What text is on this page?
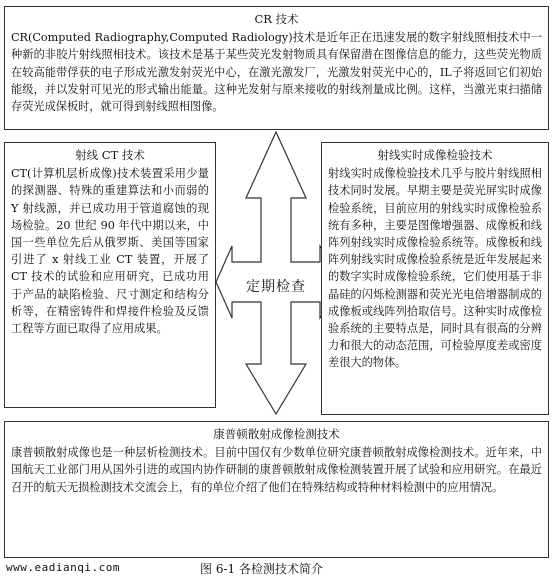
CR 技术

CR(Computed Radiography,Computed Radiology)技术是近年正在迅速发展的数字射线照相技术中一种新的非胶片射线照相技术。该技术是基于某些荧光发射物质具有保留潜在图像信息的能力，这些荧光物质在较高能带俘获的电子形成光激发射荧光中心，在激光激发厂，光激发射荧光中心的，IL子将返回它们初始能级，并以发射可见光的形式输出能量。这种光发射与原来接收的射线剂量成比例。这样，当激光束扫描储存荧光成保板时，就可得到射线照相图像。

射线 CT 技术

CT(计算机层析成像)技术装置采用少量的探测器、特殊的重建算法和小而弱的 Y 射线源，并已成功用于管道腐蚀的现场检验。20 世纪 90 年代中期以来，中国一些单位先后从俄罗斯、美国等国家引进了 x 射线工业 CT 装置，开展了 CT 技术的试验和应用研究，已成功用于产品的缺陷检验、尺寸测定和结构分析等，在精密铸件和焊接件检验及反馈工程等方面已取得了应用成果。

射线实时成像检验技术

射线实时成像检验技术几乎与胶片射线照相技术同时发展。早期主要是荧光屏实时成像检验系统，目前应用的射线实时成像检验系统有多种，主要是图像增强器、成像板和线阵列射线实时成像检验系统等。成像板和线阵列射线实时成像检验系统是近年发展起来的数字实时成像检验系统，它们使用基于非晶硅的闪烁检测器和荧光光电倍增器制成的成像板或线阵列拾取信号。这种实时成像检验系统的主要特点是，同时具有很高的分辨力和很大的动态范围，可检验厚度差或密度差很大的物体。

康普顿散射成像检测技术

康普顿散射成像也是一种层析检测技术。目前中国仅有少数单位研究康普顿散射成像检测技术。近年来，中国航天工业部门用从国外引进的或国内协作研制的康普顿散射成像检测装置开展了试验和应用研究。在最近召开的航天无损检测技术交流会上，有的单位介绍了他们在特殊结构或特种材料检测中的应用情况。

定期检查
www.eadianqi.com	图 6-1 各检测技术简介
